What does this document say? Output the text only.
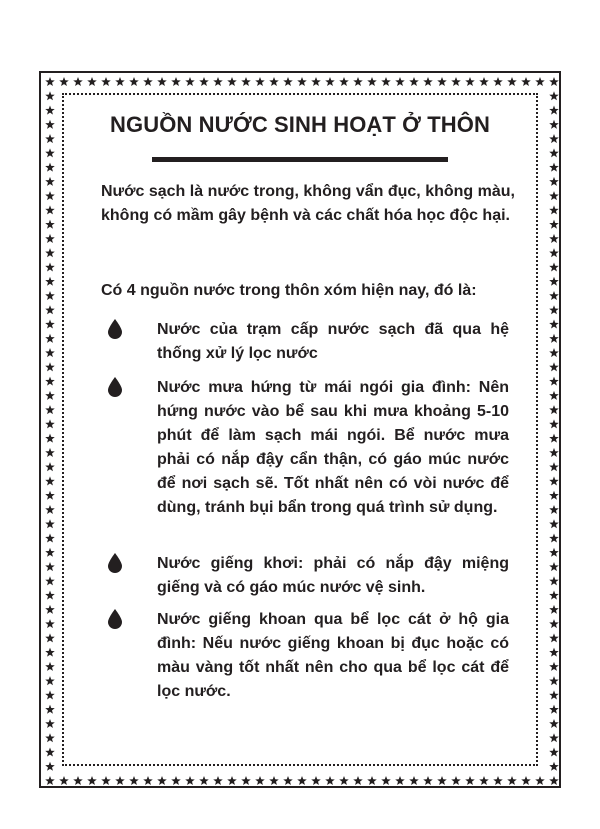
NGUỒN NƯỚC SINH HOẠT Ở THÔN

Nước sạch là nước trong, không vẩn đục, không màu, không có mầm gây bệnh và các chất hóa học độc hại.

Có 4 nguồn nước trong thôn xóm hiện nay, đó là:

Nước của trạm cấp nước sạch đã qua hệ thống xử lý lọc nước

Nước mưa hứng từ mái ngói gia đình: Nên hứng nước vào bể sau khi mưa khoảng 5-10 phút để làm sạch mái ngói. Bể nước mưa phải có nắp đậy cẩn thận, có gáo múc nước để nơi sạch sẽ. Tốt nhất nên có vòi nước để dùng, tránh bụi bẩn trong quá trình sử dụng.

Nước giếng khơi: phải có nắp đậy miệng giếng và có gáo múc nước vệ sinh.

Nước giếng khoan qua bể lọc cát ở hộ gia đình: Nếu nước giếng khoan bị đục hoặc có màu vàng tốt nhất nên cho qua bể lọc cát để lọc nước.
